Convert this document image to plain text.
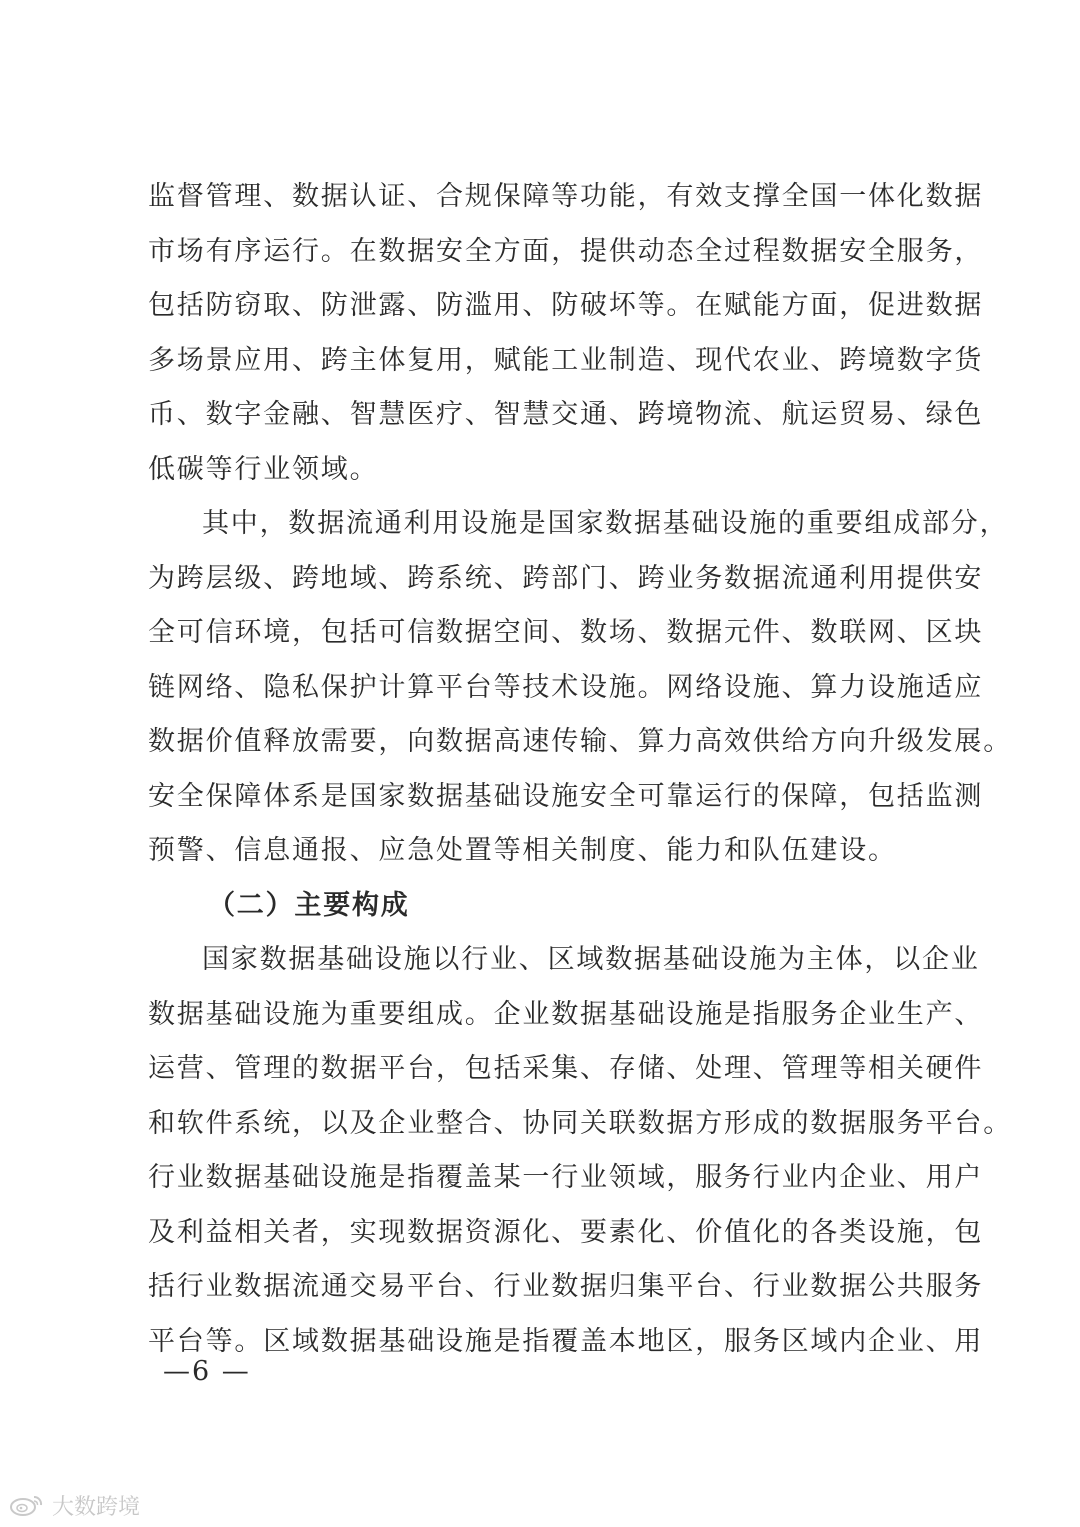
监督管理、数据认证、合规保障等功能，有效支撑全国一体化数据
市场有序运行。在数据安全方面，提供动态全过程数据安全服务，
包括防窃取、防泄露、防滥用、防破坏等。在赋能方面，促进数据
多场景应用、跨主体复用，赋能工业制造、现代农业、跨境数字货
币、数字金融、智慧医疗、智慧交通、跨境物流、航运贸易、绿色
低碳等行业领域。
其中，数据流通利用设施是国家数据基础设施的重要组成部分，
为跨层级、跨地域、跨系统、跨部门、跨业务数据流通利用提供安
全可信环境，包括可信数据空间、数场、数据元件、数联网、区块
链网络、隐私保护计算平台等技术设施。网络设施、算力设施适应
数据价值释放需要，向数据高速传输、算力高效供给方向升级发展。
安全保障体系是国家数据基础设施安全可靠运行的保障，包括监测
预警、信息通报、应急处置等相关制度、能力和队伍建设。
（二）主要构成
国家数据基础设施以行业、区域数据基础设施为主体，以企业
数据基础设施为重要组成。企业数据基础设施是指服务企业生产、
运营、管理的数据平台，包括采集、存储、处理、管理等相关硬件
和软件系统，以及企业整合、协同关联数据方形成的数据服务平台。
行业数据基础设施是指覆盖某一行业领域，服务行业内企业、用户
及利益相关者，实现数据资源化、要素化、价值化的各类设施，包
括行业数据流通交易平台、行业数据归集平台、行业数据公共服务
平台等。区域数据基础设施是指覆盖本地区，服务区域内企业、用
—6 —
大数跨境
